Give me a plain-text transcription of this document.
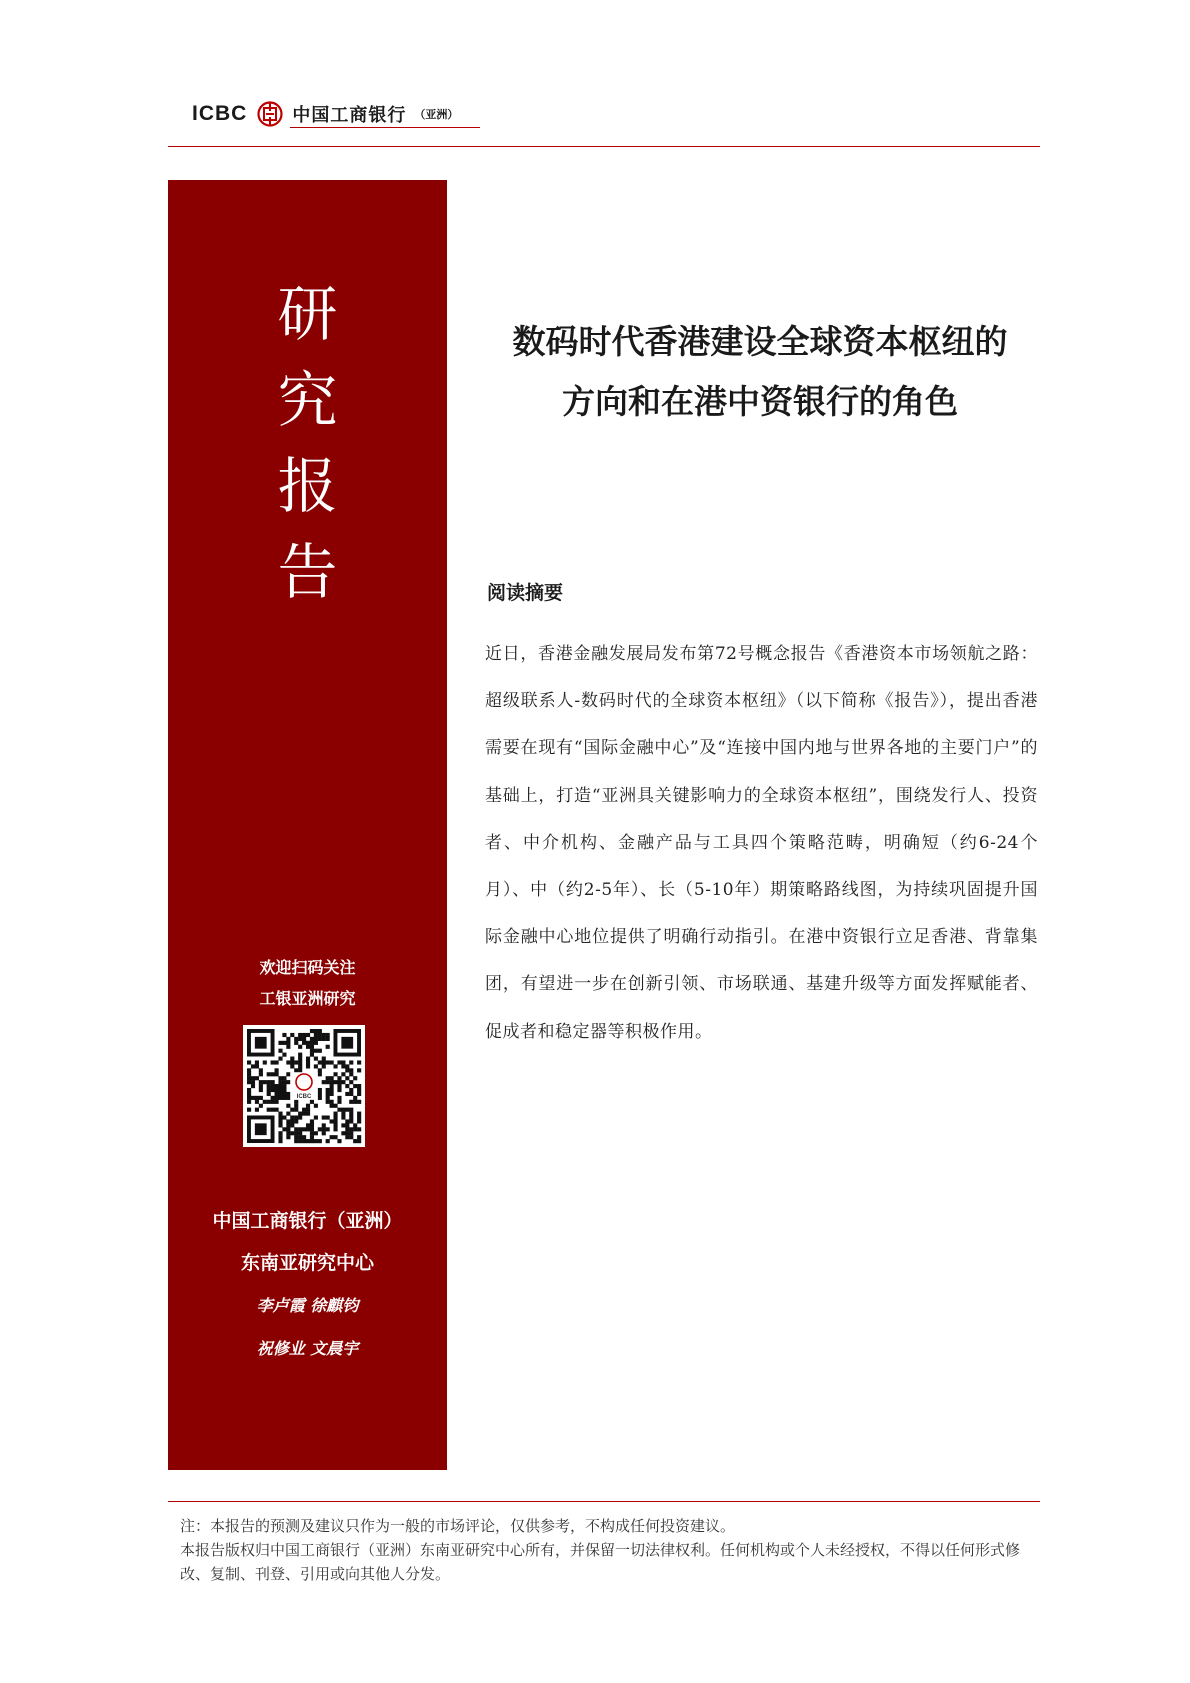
ICBC	中国工商银行 （亚洲）
研
究
报
告
欢迎扫码关注
工银亚洲研究
ICBC
中国工商银行（亚洲）
东南亚研究中心
李卢霞 徐麒钧
祝修业 文晨宇
数码时代香港建设全球资本枢纽的
方向和在港中资银行的角色
阅读摘要
近日，香港金融发展局发布第72号概念报告《香港资本市场领航之路：超级联系人-数码时代的全球资本枢纽》（以下简称《报告》），提出香港需要在现有“国际金融中心”及“连接中国内地与世界各地的主要门户”的基础上，打造“亚洲具关键影响力的全球资本枢纽”，围绕发行人、投资者、中介机构、金融产品与工具四个策略范畴，明确短（约6-24个月）、中（约2-5年）、长（5-10年）期策略路线图，为持续巩固提升国际金融中心地位提供了明确行动指引。在港中资银行立足香港、背靠集团，有望进一步在创新引领、市场联通、基建升级等方面发挥赋能者、促成者和稳定器等积极作用。
注：本报告的预测及建议只作为一般的市场评论，仅供参考，不构成任何投资建议。
本报告版权归中国工商银行（亚洲）东南亚研究中心所有，并保留一切法律权利。任何机构或个人未经授权，不得以任何形式修改、复制、刊登、引用或向其他人分发。
